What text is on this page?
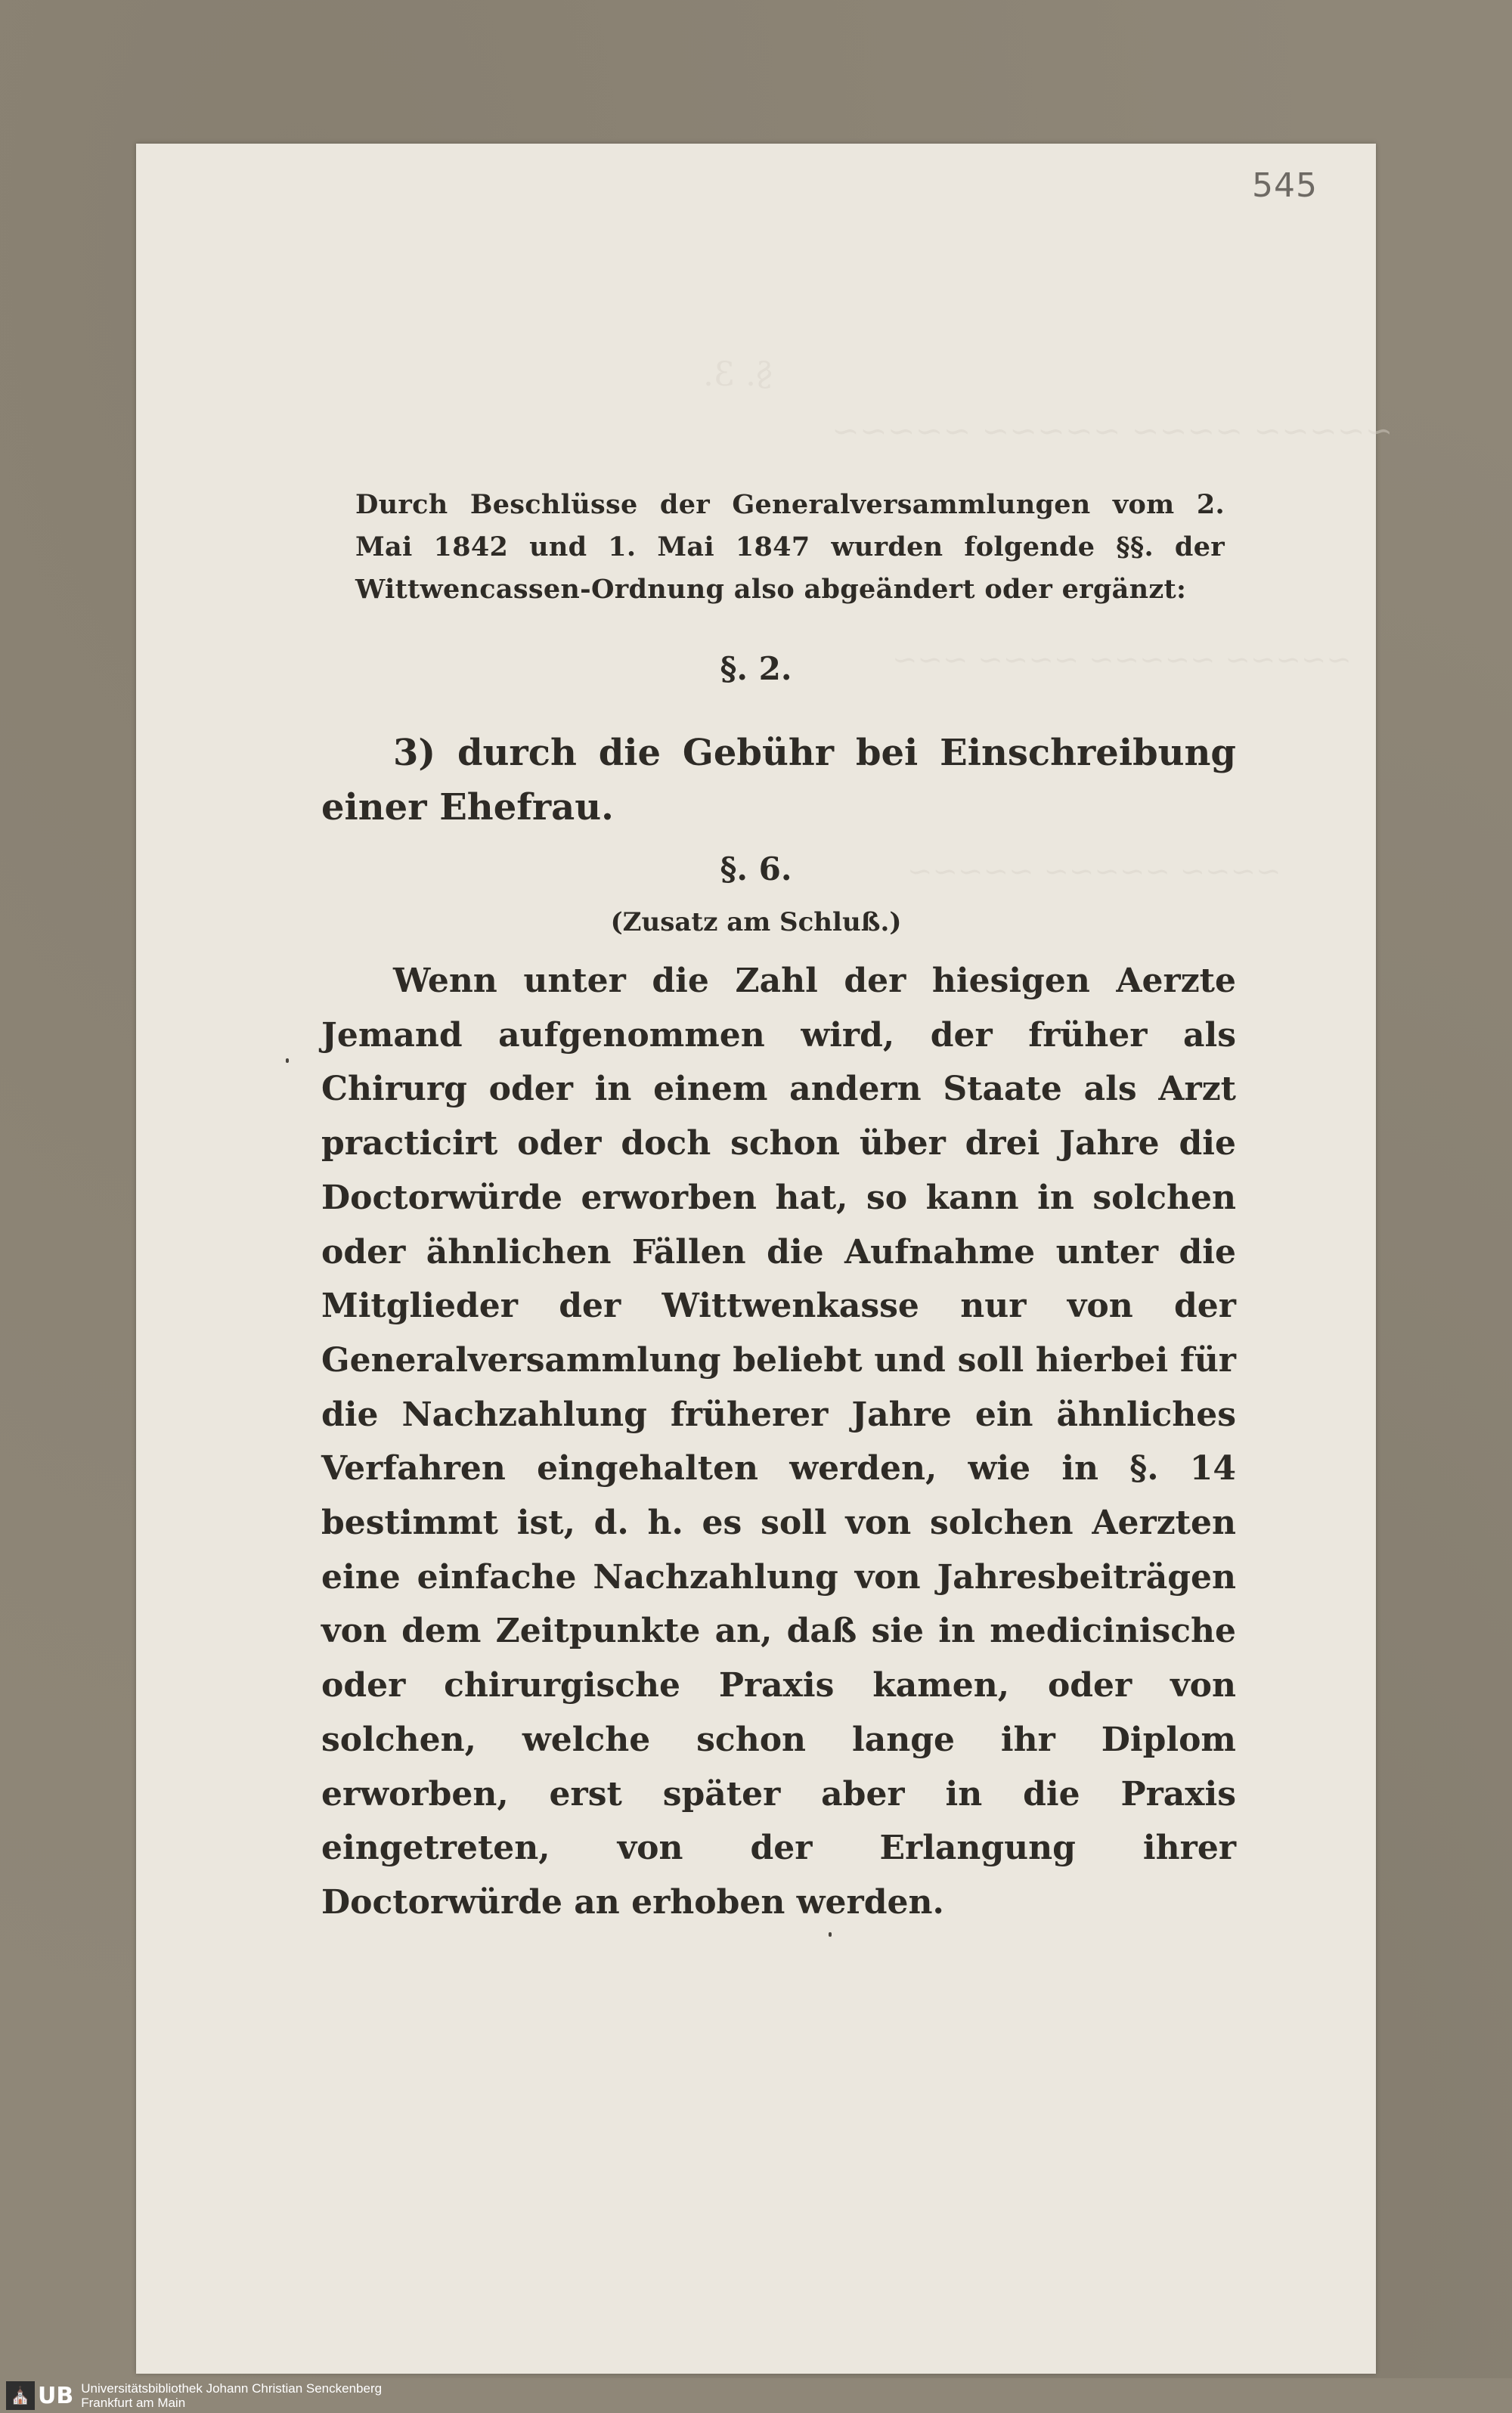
545
§. 3.
~~~~~ ~~~~ ~~~~~ ~~~~~
~~~~~ ~~~~~ ~~~~ ~~~
~~~~ ~~~~~ ~~~~~
Durch Beschlüsse der Generalversammlungen vom 2. Mai 1842 und 1. Mai 1847 wurden folgende §§. der Wittwencassen-Ordnung also abgeändert oder ergänzt:
§. 2.
3) durch die Gebühr bei Einschreibung einer Ehefrau.
§. 6.
(Zusatz am Schluß.)
Wenn unter die Zahl der hiesigen Aerzte Jemand aufgenommen wird, der früher als Chirurg oder in einem andern Staate als Arzt practicirt oder doch schon über drei Jahre die Doctorwürde erworben hat, so kann in solchen oder ähnlichen Fällen die Aufnahme unter die Mitglieder der Wittwenkasse nur von der Generalversammlung beliebt und soll hierbei für die Nachzahlung früherer Jahre ein ähnliches Verfahren eingehalten werden, wie in §. 14 bestimmt ist, d. h. es soll von solchen Aerzten eine einfache Nachzahlung von Jahresbeiträgen von dem Zeitpunkte an, daß sie in medicinische oder chirurgische Praxis kamen, oder von solchen, welche schon lange ihr Diplom erworben, erst später aber in die Praxis eingetreten, von der Erlangung ihrer Doctorwürde an erhoben werden.
⛪ UB Universitätsbibliothek Johann Christian Senckenberg
Frankfurt am Main
